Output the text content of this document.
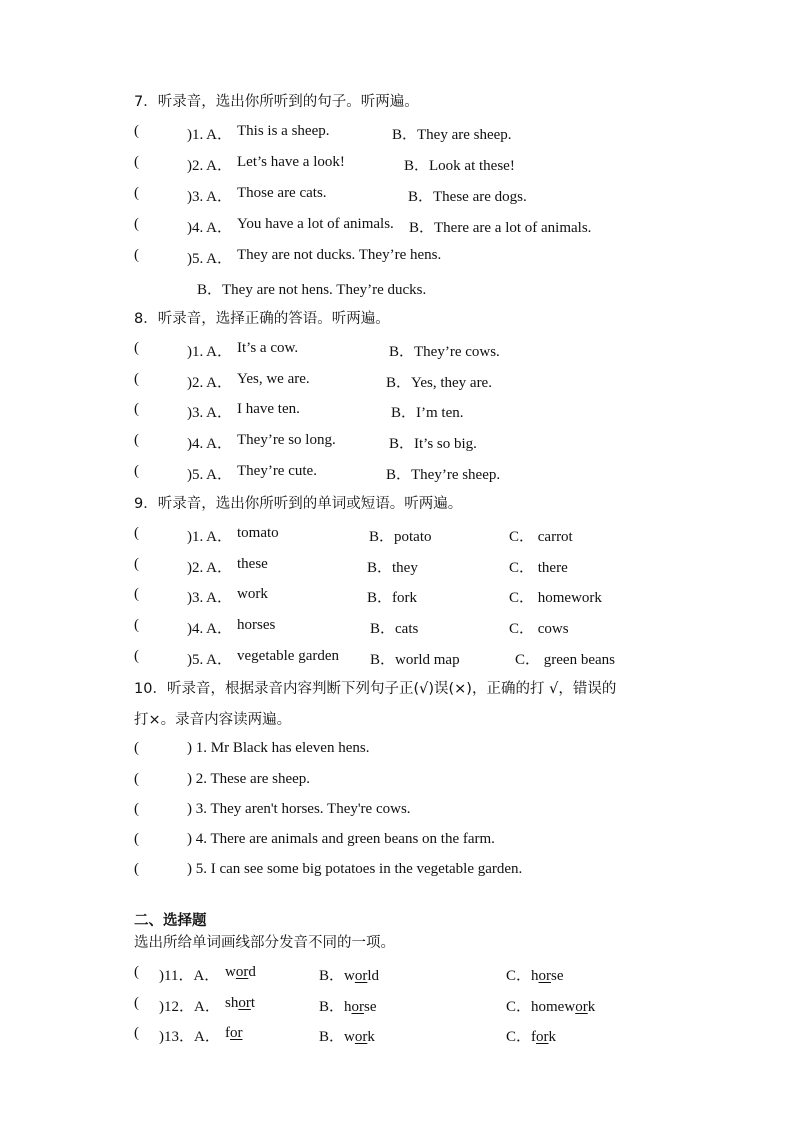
7．听录音，选出你所听到的句子。听两遍。
(	)1. A． This is a sheep.	B．They are sheep.
(	)2. A． Let’s have a look!	B．Look at these!
(	)3. A． Those are cats.	B．These are dogs.
(	)4. A． You have a lot of animals. B．There are a lot of animals.
(	)5. A． They are not ducks. They’re hens.
B．They are not hens. They’re ducks.
8．听录音，选择正确的答语。听两遍。
(	)1. A． It’s a cow.	B．They’re cows.
(	)2. A． Yes, we are.	B．Yes, they are.
(	)3. A． I have ten.	B．I’m ten.
(	)4. A． They’re so long.	B．It’s so big.
(	)5. A． They’re cute.	B．They’re sheep.
9．听录音，选出你所听到的单词或短语。听两遍。
(	)1. A． tomato	B．potato	C． carrot
(	)2. A． these	B．they	C． there
(	)3. A． work	B．fork	C． homework
(	)4. A． horses	B．cats	C． cows
(	)5. A． vegetable garden B．world map	C． green beans
10．听录音，根据录音内容判断下列句子正(√)误(×)，正确的打 √，错误的
打×。录音内容读两遍。
(	) 1. Mr Black has eleven hens.
(	) 2. These are sheep.
(	) 3. They aren't horses. They're cows.
(	) 4. There are animals and green beans on the farm.
(	) 5. I can see some big potatoes in the vegetable garden.
二、选择题
选出所给单词画线部分发音不同的一项。
( )11．A． word	B．world	C．horse
( )12．A． short	B．horse	C．homework
( )13．A． for	B．work	C．fork
